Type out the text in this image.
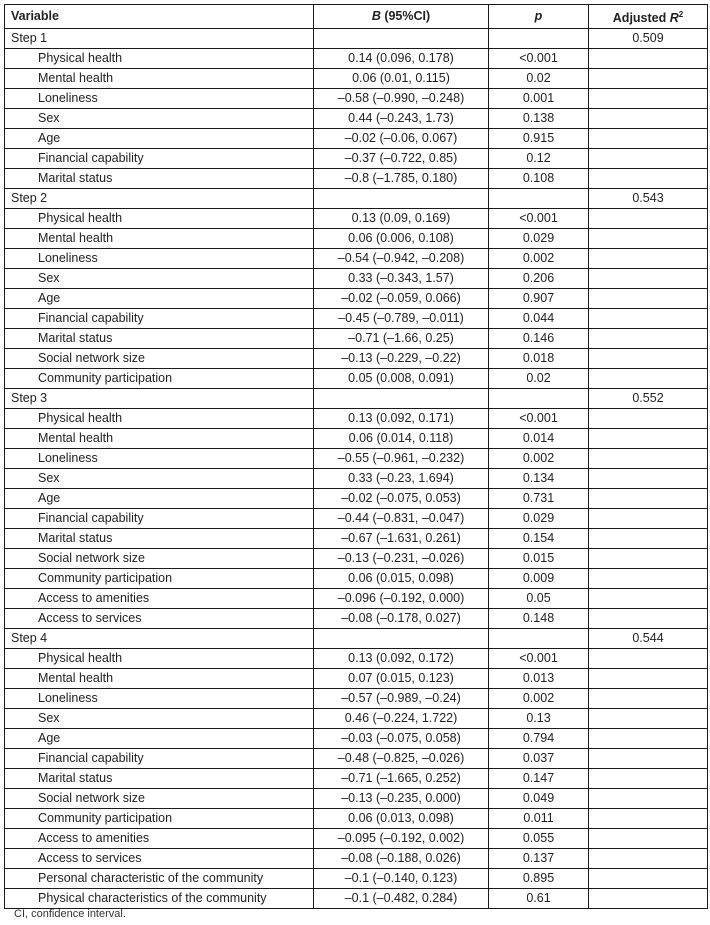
Variable	B (95%CI)	p	Adjusted $R^2$
Step 1			0.509
Physical health	0.14 (0.096, 0.178)	<0.001	
Mental health	0.06 (0.01, 0.115)	0.02	
Loneliness	–0.58 (–0.990, –0.248)	0.001	
Sex	0.44 (–0.243, 1.73)	0.138	
Age	–0.02 (–0.06, 0.067)	0.915	
Financial capability	–0.37 (–0.722, 0.85)	0.12	
Marital status	–0.8 (–1.785, 0.180)	0.108	
Step 2			0.543
Physical health	0.13 (0.09, 0.169)	<0.001	
Mental health	0.06 (0.006, 0.108)	0.029	
Loneliness	–0.54 (–0.942, –0.208)	0.002	
Sex	0.33 (–0.343, 1.57)	0.206	
Age	–0.02 (–0.059, 0.066)	0.907	
Financial capability	–0.45 (–0.789, –0.011)	0.044	
Marital status	–0.71 (–1.66, 0.25)	0.146	
Social network size	–0.13 (–0.229, –0.22)	0.018	
Community participation	0.05 (0.008, 0.091)	0.02	
Step 3			0.552
Physical health	0.13 (0.092, 0.171)	<0.001	
Mental health	0.06 (0.014, 0.118)	0.014	
Loneliness	–0.55 (–0.961, –0.232)	0.002	
Sex	0.33 (–0.23, 1.694)	0.134	
Age	–0.02 (–0.075, 0.053)	0.731	
Financial capability	–0.44 (–0.831, –0.047)	0.029	
Marital status	–0.67 (–1.631, 0.261)	0.154	
Social network size	–0.13 (–0.231, –0.026)	0.015	
Community participation	0.06 (0.015, 0.098)	0.009	
Access to amenities	–0.096 (–0.192, 0.000)	0.05	
Access to services	–0.08 (–0.178, 0.027)	0.148	
Step 4			0.544
Physical health	0.13 (0.092, 0.172)	<0.001	
Mental health	0.07 (0.015, 0.123)	0.013	
Loneliness	–0.57 (–0.989, –0.24)	0.002	
Sex	0.46 (–0.224, 1.722)	0.13	
Age	–0.03 (–0.075, 0.058)	0.794	
Financial capability	–0.48 (–0.825, –0.026)	0.037	
Marital status	–0.71 (–1.665, 0.252)	0.147	
Social network size	–0.13 (–0.235, 0.000)	0.049	
Community participation	0.06 (0.013, 0.098)	0.011	
Access to amenities	–0.095 (–0.192, 0.002)	0.055	
Access to services	–0.08 (–0.188, 0.026)	0.137	
Personal characteristic of the community	–0.1 (–0.140, 0.123)	0.895	
Physical characteristics of the community	–0.1 (–0.482, 0.284)	0.61	
CI, confidence interval.
